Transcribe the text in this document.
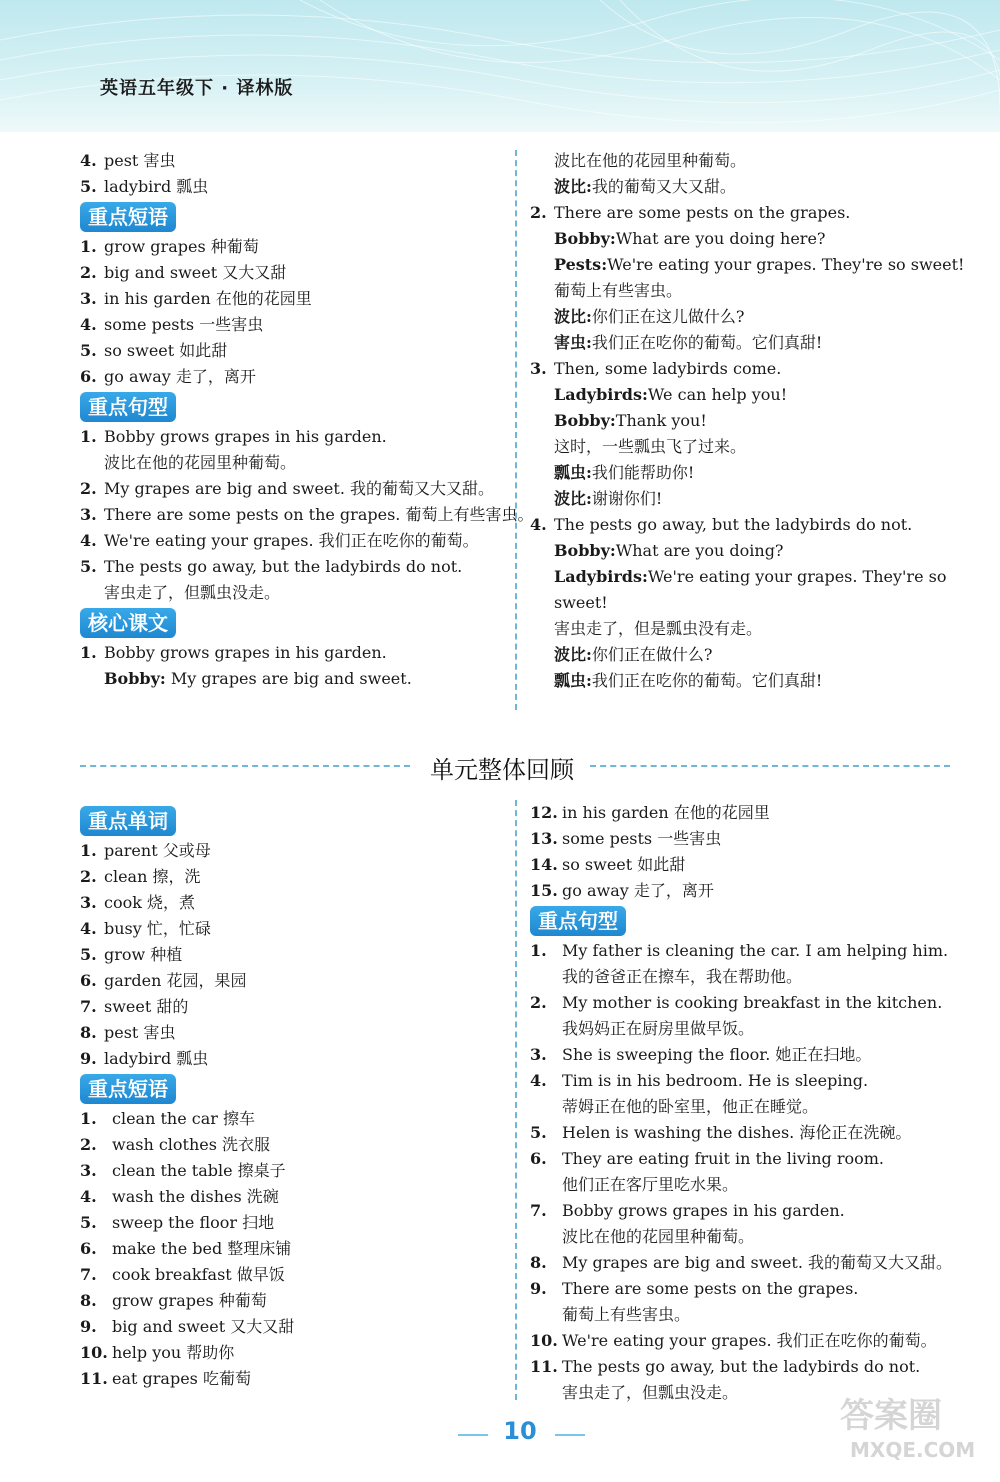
英语五年级下 · 译林版
4. pest 害虫
5. ladybird 瓢虫
重点短语
1. grow grapes 种葡萄
2. big and sweet 又大又甜
3. in his garden 在他的花园里
4. some pests 一些害虫
5. so sweet 如此甜
6. go away 走了，离开
重点句型
1. Bobby grows grapes in his garden.
波比在他的花园里种葡萄。
2. My grapes are big and sweet. 我的葡萄又大又甜。
3. There are some pests on the grapes. 葡萄上有些害虫。
4. We're eating your grapes. 我们正在吃你的葡萄。
5. The pests go away, but the ladybirds do not.
害虫走了，但瓢虫没走。
核心课文
1. Bobby grows grapes in his garden.
Bobby: My grapes are big and sweet.
波比在他的花园里种葡萄。
波比:我的葡萄又大又甜。
2. There are some pests on the grapes.
Bobby:What are you doing here?
Pests:We're eating your grapes. They're so sweet!
葡萄上有些害虫。
波比:你们正在这儿做什么?
害虫:我们正在吃你的葡萄。它们真甜!
3. Then, some ladybirds come.
Ladybirds:We can help you!
Bobby:Thank you!
这时，一些瓢虫飞了过来。
瓢虫:我们能帮助你!
波比:谢谢你们!
4. The pests go away, but the ladybirds do not.
Bobby:What are you doing?
Ladybirds:We're eating your grapes. They're so
sweet!
害虫走了，但是瓢虫没有走。
波比:你们正在做什么?
瓢虫:我们正在吃你的葡萄。它们真甜!
单元整体回顾
重点单词
1. parent 父或母
2. clean 擦，洗
3. cook 烧，煮
4. busy 忙，忙碌
5. grow 种植
6. garden 花园，果园
7. sweet 甜的
8. pest 害虫
9. ladybird 瓢虫
重点短语
1. clean the car 擦车
2. wash clothes 洗衣服
3. clean the table 擦桌子
4. wash the dishes 洗碗
5. sweep the floor 扫地
6. make the bed 整理床铺
7. cook breakfast 做早饭
8. grow grapes 种葡萄
9. big and sweet 又大又甜
10. help you 帮助你
11. eat grapes 吃葡萄
12. in his garden 在他的花园里
13. some pests 一些害虫
14. so sweet 如此甜
15. go away 走了，离开
重点句型
1. My father is cleaning the car. I am helping him.
我的爸爸正在擦车，我在帮助他。
2. My mother is cooking breakfast in the kitchen.
我妈妈正在厨房里做早饭。
3. She is sweeping the floor. 她正在扫地。
4. Tim is in his bedroom. He is sleeping.
蒂姆正在他的卧室里，他正在睡觉。
5. Helen is washing the dishes. 海伦正在洗碗。
6. They are eating fruit in the living room.
他们正在客厅里吃水果。
7. Bobby grows grapes in his garden.
波比在他的花园里种葡萄。
8. My grapes are big and sweet. 我的葡萄又大又甜。
9. There are some pests on the grapes.
葡萄上有些害虫。
10. We're eating your grapes. 我们正在吃你的葡萄。
11. The pests go away, but the ladybirds do not.
害虫走了，但瓢虫没走。
10	答案圈
MXQE.COM
